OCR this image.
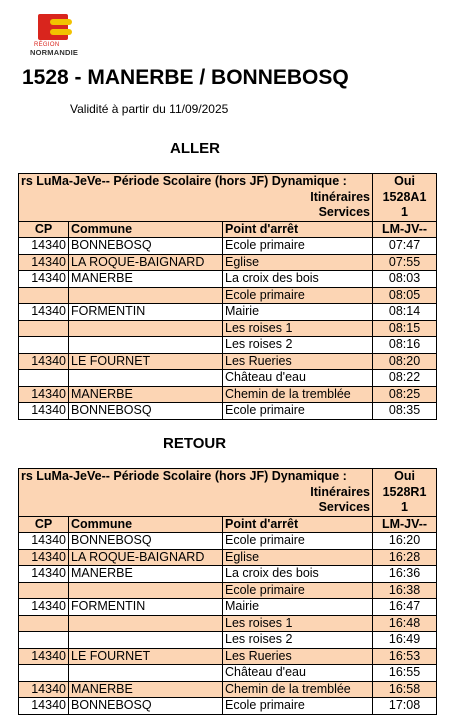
RÉGION
NORMANDIE
1528 - MANERBE / BONNEBOSQ
Validité à partir du 11/09/2025
ALLER
rs LuMa-JeVe-- Période Scolaire (hors JF) Dynamique :			Oui
Itinéraires			1528A1
Services			1
CP	Commune	Point d'arrêt	LM-JV--
14340	BONNEBOSQ	Ecole primaire	07:47
14340	LA ROQUE-BAIGNARD	Eglise	07:55
14340	MANERBE	La croix des bois	08:03
		Ecole primaire	08:05
14340	FORMENTIN	Mairie	08:14
		Les roises 1	08:15
		Les roises 2	08:16
14340	LE FOURNET	Les Rueries	08:20
		Château d'eau	08:22
14340	MANERBE	Chemin de la tremblée	08:25
14340	BONNEBOSQ	Ecole primaire	08:35
RETOUR
rs LuMa-JeVe-- Période Scolaire (hors JF) Dynamique :			Oui
Itinéraires			1528R1
Services			1
CP	Commune	Point d'arrêt	LM-JV--
14340	BONNEBOSQ	Ecole primaire	16:20
14340	LA ROQUE-BAIGNARD	Eglise	16:28
14340	MANERBE	La croix des bois	16:36
		Ecole primaire	16:38
14340	FORMENTIN	Mairie	16:47
		Les roises 1	16:48
		Les roises 2	16:49
14340	LE FOURNET	Les Rueries	16:53
		Château d'eau	16:55
14340	MANERBE	Chemin de la tremblée	16:58
14340	BONNEBOSQ	Ecole primaire	17:08
